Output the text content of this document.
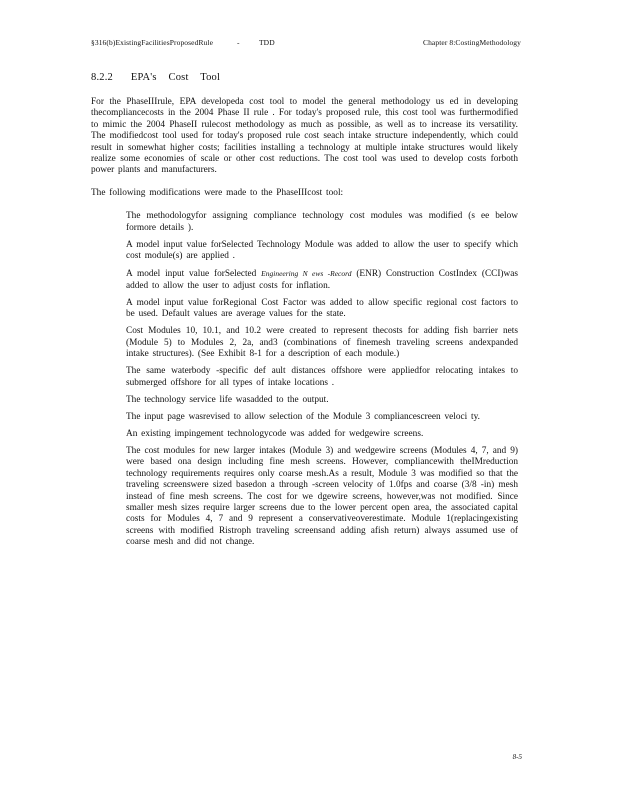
§316(b)ExistingFacilitiesProposedRule	-	TDD	Chapter 8:CostingMethodology
8.2.2 EPA's Cost Tool

For the PhaseIIIrule, EPA developeda cost tool to model the general methodology us ed in developing thecompliancecosts in the 2004 Phase II rule . For today's proposed rule, this cost tool was furthermodified to mimic the 2004 PhaseII rulecost methodology as much as possible, as well as to increase its versatility. The modifiedcost tool used for today's proposed rule cost seach intake structure independently, which could result in somewhat higher costs; facilities installing a technology at multiple intake structures would likely realize some economies of scale or other cost reductions. The cost tool was used to develop costs forboth power plants and manufacturers.

The following modifications were made to the PhaseIIIcost tool:

The methodologyfor assigning compliance technology cost modules was modified (s ee below formore details ).
A model input value forSelected Technology Module was added to allow the user to specify which cost module(s) are applied .
A model input value forSelected Engineering N ews -Record (ENR) Construction CostIndex (CCI)was added to allow the user to adjust costs for inflation.
A model input value forRegional Cost Factor was added to allow specific regional cost factors to be used. Default values are average values for the state.
Cost Modules 10, 10.1, and 10.2 were created to represent thecosts for adding fish barrier nets (Module 5) to Modules 2, 2a, and3 (combinations of finemesh traveling screens andexpanded intake structures). (See Exhibit 8-1 for a description of each module.)
The same waterbody -specific def ault distances offshore were appliedfor relocating intakes to submerged offshore for all types of intake locations .
The technology service life wasadded to the output.
The input page wasrevised to allow selection of the Module 3 compliancescreen veloci ty.
An existing impingement technologycode was added for wedgewire screens.
The cost modules for new larger intakes (Module 3) and wedgewire screens (Modules 4, 7, and 9) were based ona design including fine mesh screens. However, compliancewith theIMreduction technology requirements requires only coarse mesh.As a result, Module 3 was modified so that the traveling screenswere sized basedon a through -screen velocity of 1.0fps and coarse (3/8 -in) mesh instead of fine mesh screens. The cost for we dgewire screens, however,was not modified. Since smaller mesh sizes require larger screens due to the lower percent open area, the associated capital costs for Modules 4, 7 and 9 represent a conservativeoverestimate. Module 1(replacingexisting screens with modified Ristroph traveling screensand adding afish return) always assumed use of coarse mesh and did not change.
8-5
